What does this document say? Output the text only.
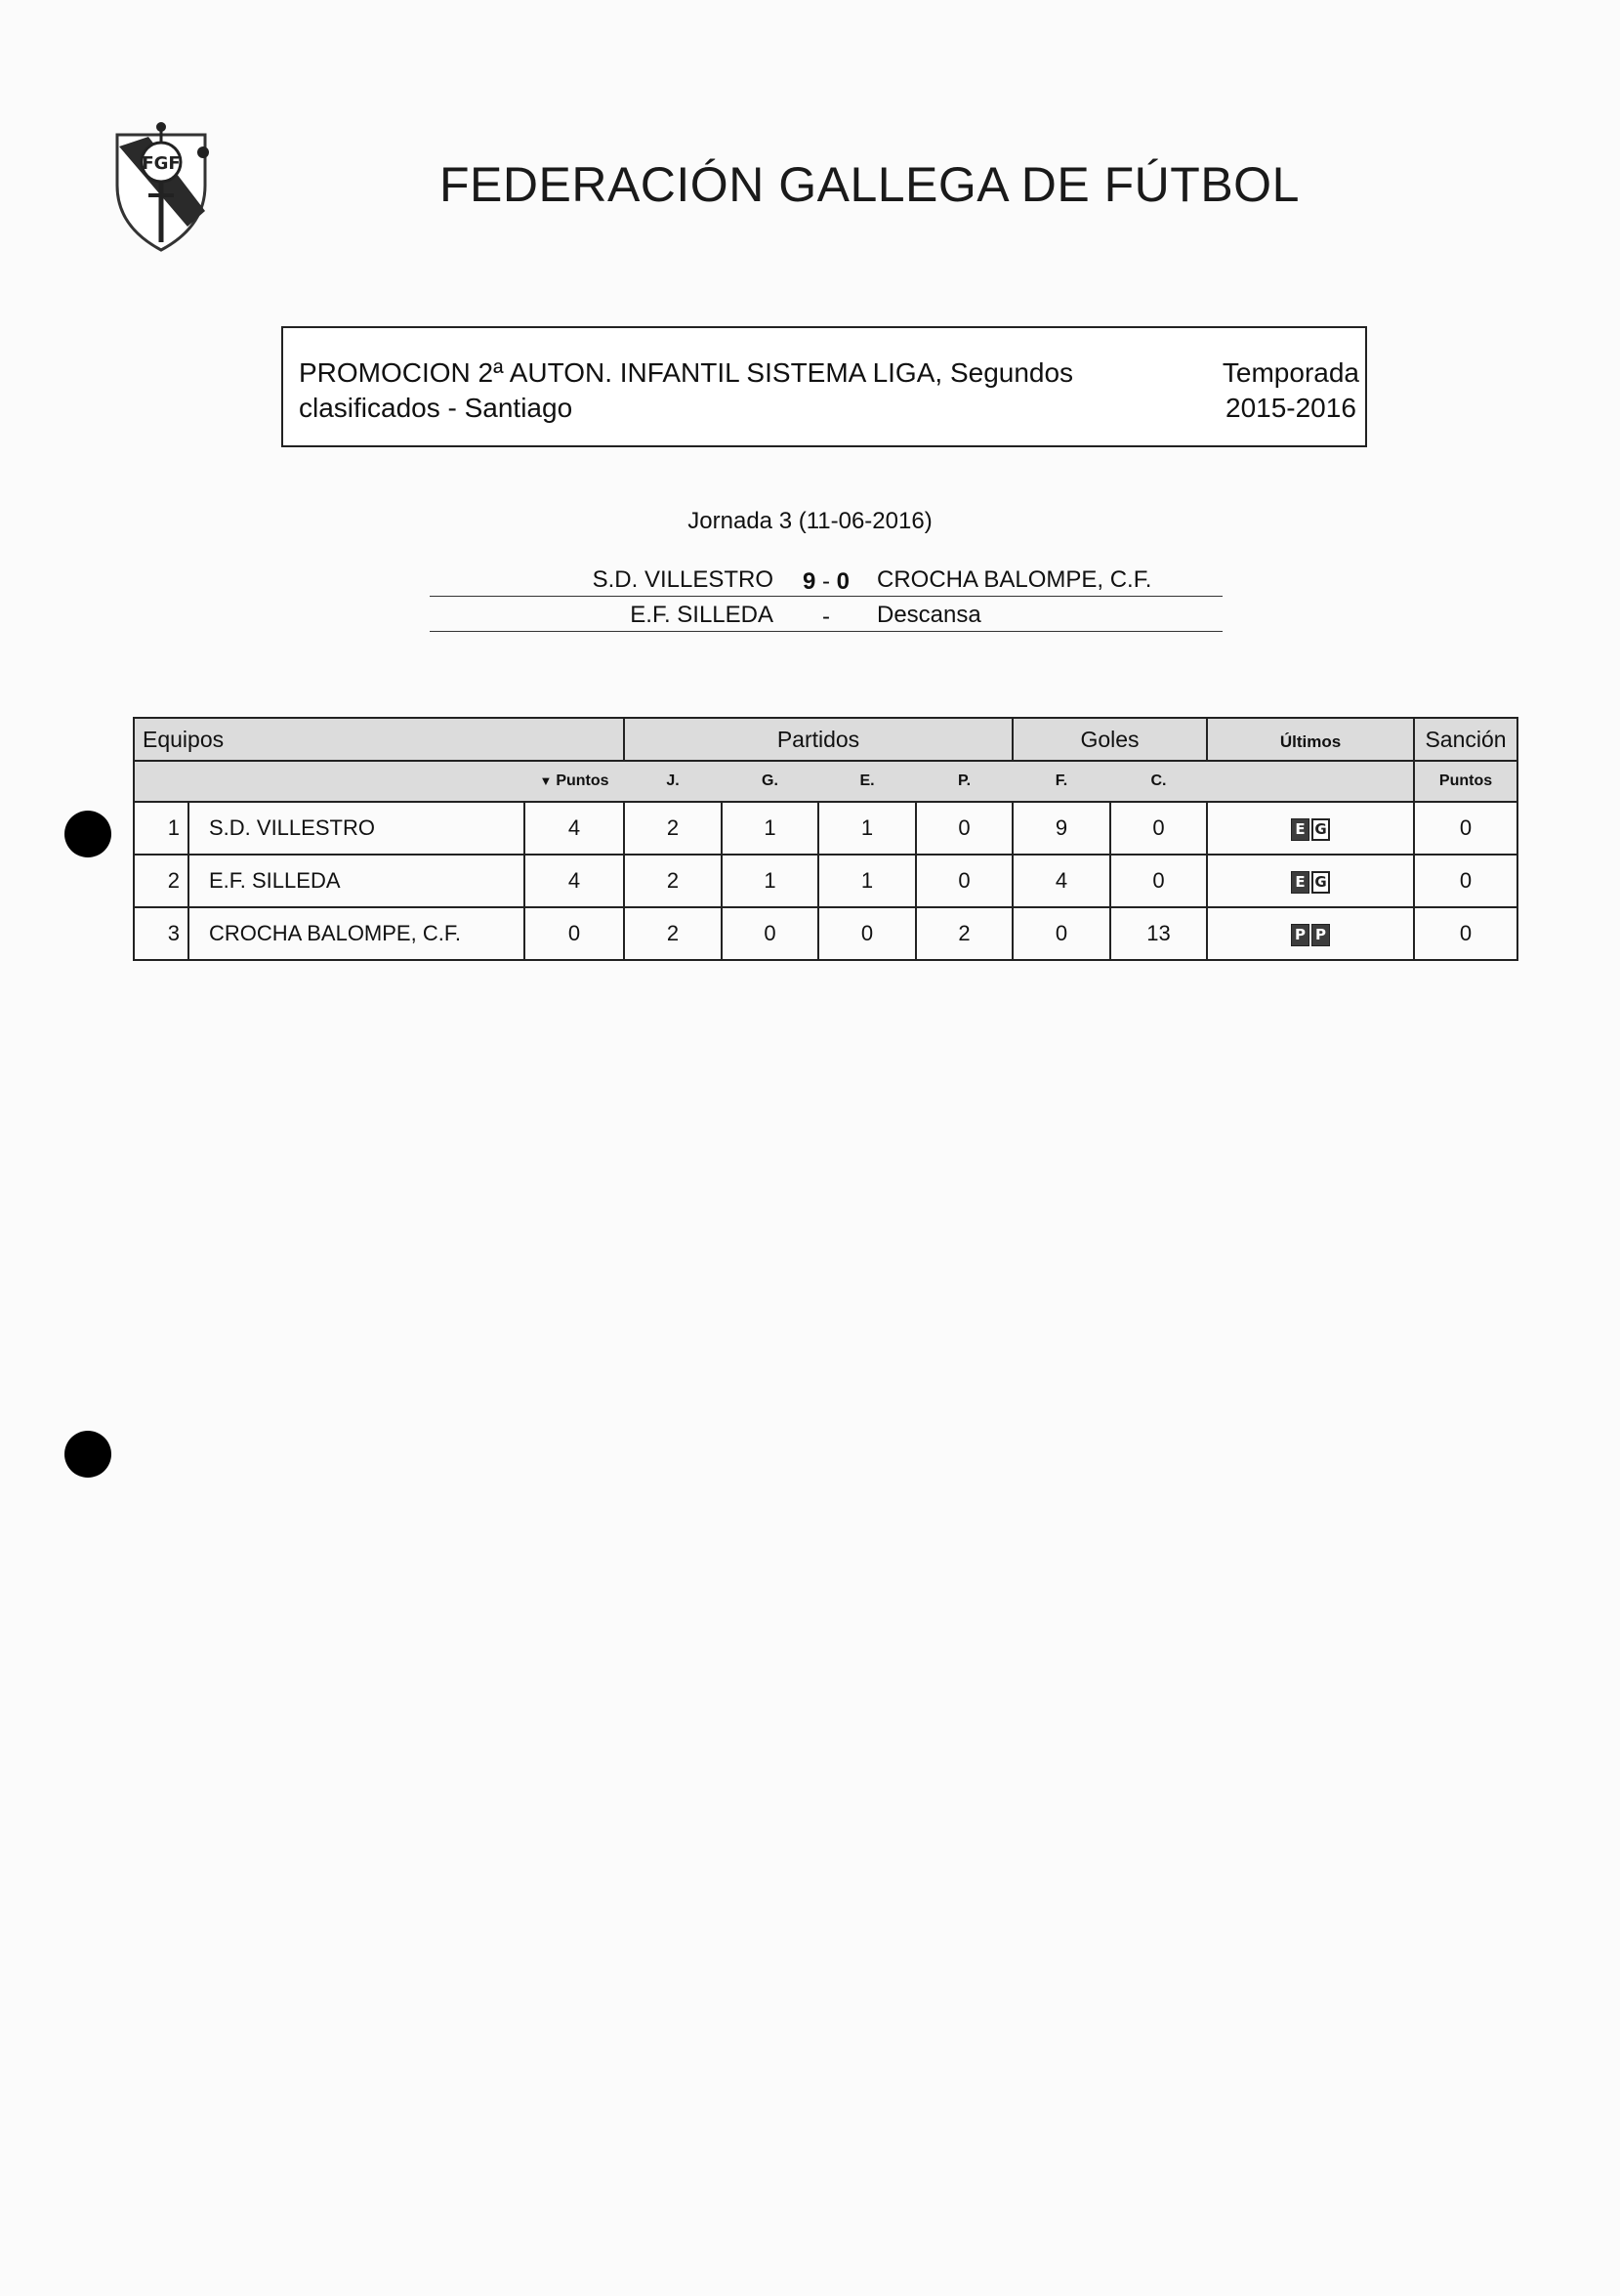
FGF	FEDERACIÓN GALLEGA DE FÚTBOL
PROMOCION 2ª AUTON. INFANTIL SISTEMA LIGA, Segundos clasificados - Santiago
Temporada
2015-2016
Jornada 3 (11-06-2016)
S.D. VILLESTRO	9 - 0	CROCHA BALOMPE, C.F.
E.F. SILLEDA	-	Descansa
Equipos			Partidos				Goles		Últimos	Sanción
		▼ Puntos	J.	G.	E.	P.	F.	C.		Puntos
1	S.D. VILLESTRO	4	2	1	1	0	9	0	E G	0
2	E.F. SILLEDA	4	2	1	1	0	4	0	E G	0
3	CROCHA BALOMPE, C.F.	0	2	0	0	2	0	13	P P	0
